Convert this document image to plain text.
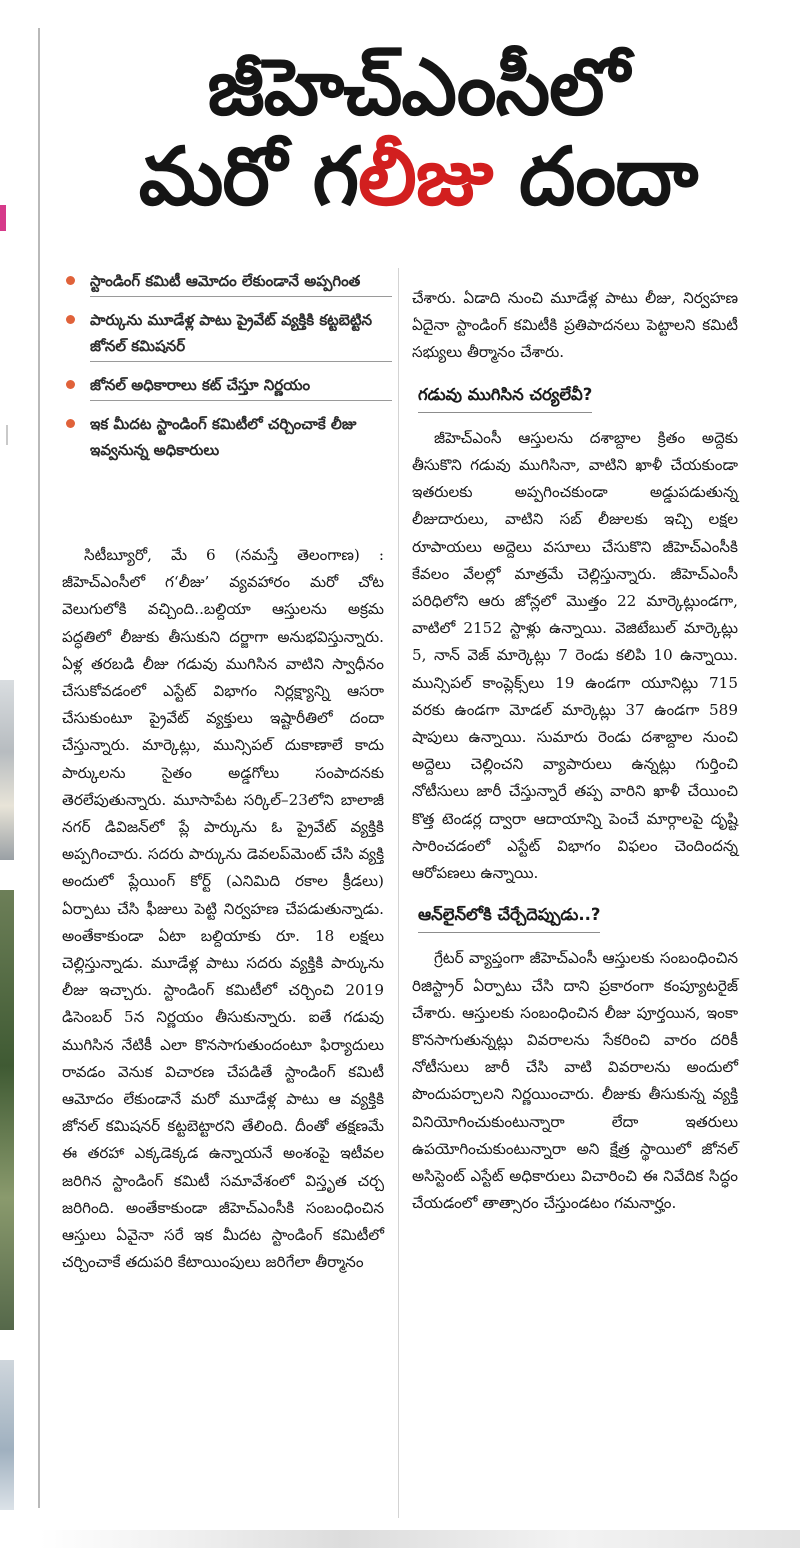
జీహెచ్ఎంసీలో
మరో గలీజు దందా
స్టాండింగ్ కమిటీ ఆమోదం లేకుండానే అప్పగింత
పార్కును మూడేళ్ల పాటు ప్రైవేట్ వ్యక్తికి కట్టబెట్టిన జోనల్ కమిషనర్
జోనల్ అధికారాలు కట్ చేస్తూ నిర్ణయం
ఇక మీదట స్టాండింగ్ కమిటీలో చర్చించాకే లీజు ఇవ్వనున్న అధికారులు

సిటీబ్యూరో, మే 6 (నమస్తే తెలంగాణ) : జీహెచ్ఎంసీలో గ‘లీజు’ వ్యవహారం మరో చోట వెలుగులోకి వచ్చింది..బల్దియా ఆస్తులను అక్రమ పద్ధతిలో లీజుకు తీసుకుని దర్జాగా అనుభవిస్తున్నారు. ఏళ్ల తరబడి లీజు గడువు ముగిసిన వాటిని స్వాధీనం చేసుకోవడంలో ఎస్టేట్ విభాగం నిర్లక్ష్యాన్ని ఆసరా చేసుకుంటూ ప్రైవేట్ వ్యక్తులు ఇష్టారీతిలో దందా చేస్తున్నారు. మార్కెట్లు, మున్సిపల్ దుకాణాలే కాదు పార్కులను సైతం అడ్డగోలు సంపాదనకు తెరలేపుతున్నారు. మూసాపేట సర్కిల్–23లోని బాలాజీ నగర్ డివిజన్‌లో ప్లే పార్కును ఓ ప్రైవేట్ వ్యక్తికి అప్పగించారు. సదరు పార్కును డెవలప్‌మెంట్ చేసి వ్యక్తి అందులో ప్లేయింగ్ కోర్ట్ (ఎనిమిది రకాల క్రీడలు) ఏర్పాటు చేసి ఫీజులు పెట్టి నిర్వహణ చేపడుతున్నాడు. అంతేకాకుండా ఏటా బల్దియాకు రూ. 18 లక్షలు చెల్లిస్తున్నాడు. మూడేళ్ల పాటు సదరు వ్యక్తికి పార్కును లీజు ఇచ్చారు. స్టాండింగ్ కమిటీలో చర్చించి 2019 డిసెంబర్ 5న నిర్ణయం తీసుకున్నారు. ఐతే గడువు ముగిసిన నేటికీ ఎలా కొనసాగుతుందంటూ ఫిర్యాదులు రావడం వెనుక విచారణ చేపడితే స్టాండింగ్ కమిటీ ఆమోదం లేకుండానే మరో మూడేళ్ల పాటు ఆ వ్యక్తికి జోనల్ కమిషనర్ కట్టబెట్టారని తేలింది. దీంతో తక్షణమే ఈ తరహా ఎక్కడెక్కడ ఉన్నాయనే అంశంపై ఇటీవల జరిగిన స్టాండింగ్ కమిటీ సమావేశంలో విస్తృత చర్చ జరిగింది. అంతేకాకుండా జీహెచ్ఎంసీకి సంబంధించిన ఆస్తులు ఏవైనా సరే ఇక మీదట స్టాండింగ్ కమిటీలో చర్చించాకే తదుపరి కేటాయింపులు జరిగేలా తీర్మానం

చేశారు. ఏడాది నుంచి మూడేళ్ల పాటు లీజు, నిర్వహణ ఏదైనా స్టాండింగ్ కమిటీకి ప్రతిపాదనలు పెట్టాలని కమిటీ సభ్యులు తీర్మానం చేశారు.

గడువు ముగిసిన చర్యలేవీ?

జీహెచ్ఎంసీ ఆస్తులను దశాబ్దాల క్రితం అద్దెకు తీసుకొని గడువు ముగిసినా, వాటిని ఖాళీ చేయకుండా ఇతరులకు అప్పగించకుండా అడ్డుపడుతున్న లీజుదారులు, వాటిని సబ్ లీజులకు ఇచ్చి లక్షల రూపాయలు అద్దెలు వసూలు చేసుకొని జీహెచ్ఎంసీకి కేవలం వేలల్లో మాత్రమే చెల్లిస్తున్నారు. జీహెచ్ఎంసీ పరిధిలోని ఆరు జోన్లలో మొత్తం 22 మార్కెట్లుండగా, వాటిలో 2152 స్టాళ్లు ఉన్నాయి. వెజిటేబుల్ మార్కెట్లు 5, నాన్ వెజ్ మార్కెట్లు 7 రెండు కలిపి 10 ఉన్నాయి. మున్సిపల్ కాంప్లెక్స్‌లు 19 ఉండగా యూనిట్లు 715 వరకు ఉండగా మోడల్ మార్కెట్లు 37 ఉండగా 589 షాపులు ఉన్నాయి. సుమారు రెండు దశాబ్దాల నుంచి అద్దెలు చెల్లించని వ్యాపారులు ఉన్నట్లు గుర్తించి నోటీసులు జారీ చేస్తున్నారే తప్ప వారిని ఖాళీ చేయించి కొత్త టెండర్ల ద్వారా ఆదాయాన్ని పెంచే మార్గాలపై దృష్టి సారించడంలో ఎస్టేట్ విభాగం విఫలం చెందిందన్న ఆరోపణలు ఉన్నాయి.

ఆన్‌లైన్‌లోకి చేర్చేదెప్పుడు..?

గ్రేటర్ వ్యాప్తంగా జీహెచ్ఎంసీ ఆస్తులకు సంబంధించిన రిజిస్ట్రార్ ఏర్పాటు చేసి దాని ప్రకారంగా కంప్యూటరైజ్ చేశారు. ఆస్తులకు సంబంధించిన లీజు పూర్తయిన, ఇంకా కొనసాగుతున్నట్లు వివరాలను సేకరించి వారం దరికీ నోటీసులు జారీ చేసి వాటి వివరాలను అందులో పొందుపర్చాలని నిర్ణయించారు. లీజుకు తీసుకున్న వ్యక్తి వినియోగించుకుంటున్నారా లేదా ఇతరులు ఉపయోగించుకుంటున్నారా అని క్షేత్ర స్థాయిలో జోనల్ అసిస్టెంట్ ఎస్టేట్ అధికారులు విచారించి ఈ నివేదిక సిద్ధం చేయడంలో తాత్సారం చేస్తుండటం గమనార్హం.
